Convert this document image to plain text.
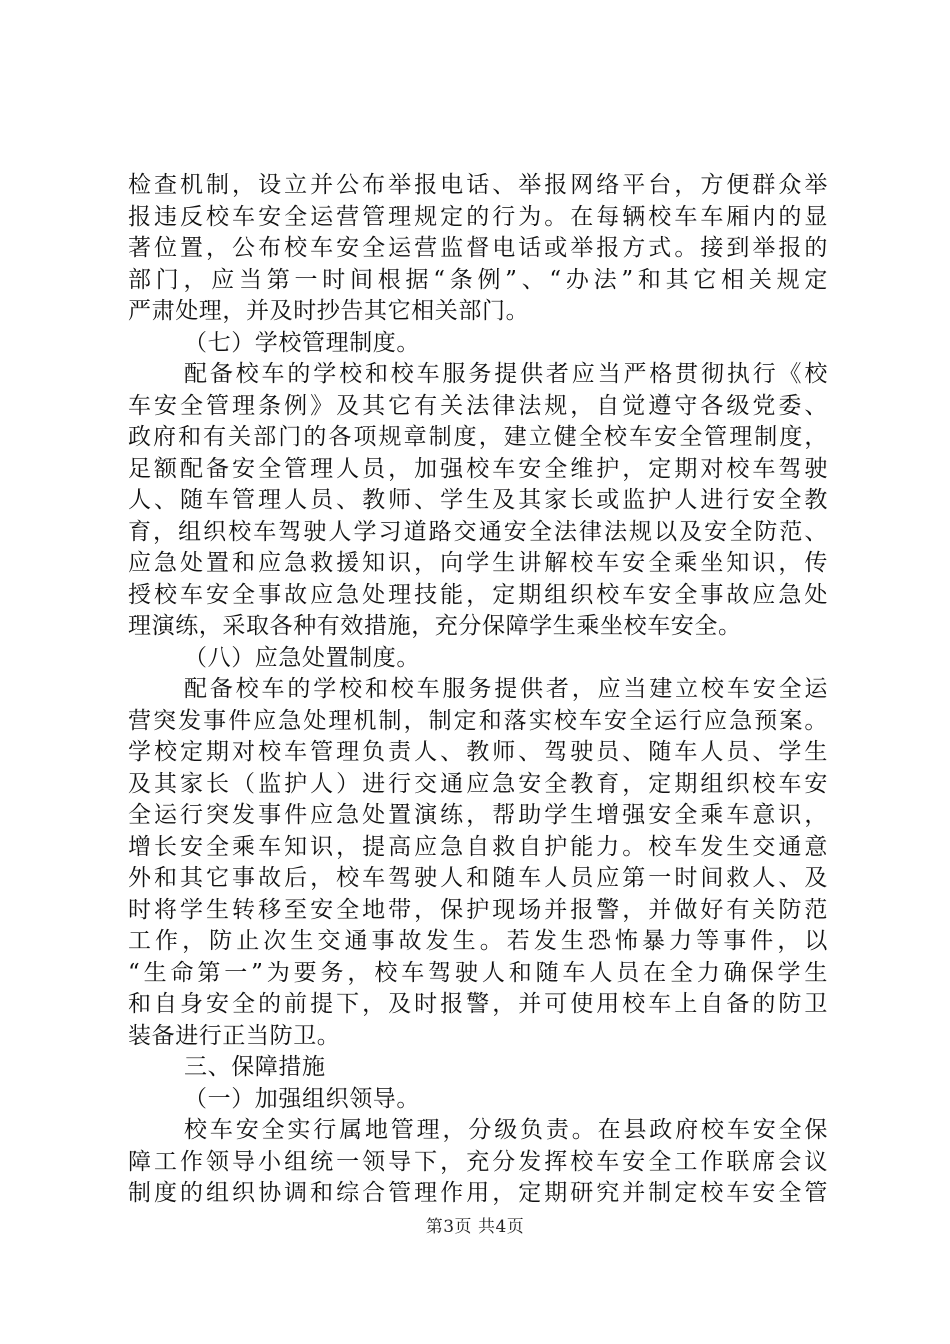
检查机制，设立并公布举报电话、举报网络平台，方便群众举
报违反校车安全运营管理规定的行为。在每辆校车车厢内的显
著位置，公布校车安全运营监督电话或举报方式。接到举报的
部门，应当第一时间根据“条例”、“办法”和其它相关规定
严肃处理，并及时抄告其它相关部门。
（七）学校管理制度。
配备校车的学校和校车服务提供者应当严格贯彻执行《校
车安全管理条例》及其它有关法律法规，自觉遵守各级党委、
政府和有关部门的各项规章制度，建立健全校车安全管理制度，
足额配备安全管理人员，加强校车安全维护，定期对校车驾驶
人、随车管理人员、教师、学生及其家长或监护人进行安全教
育，组织校车驾驶人学习道路交通安全法律法规以及安全防范、
应急处置和应急救援知识，向学生讲解校车安全乘坐知识，传
授校车安全事故应急处理技能，定期组织校车安全事故应急处
理演练，采取各种有效措施，充分保障学生乘坐校车安全。
（八）应急处置制度。
配备校车的学校和校车服务提供者，应当建立校车安全运
营突发事件应急处理机制，制定和落实校车安全运行应急预案。
学校定期对校车管理负责人、教师、驾驶员、随车人员、学生
及其家长（监护人）进行交通应急安全教育，定期组织校车安
全运行突发事件应急处置演练，帮助学生增强安全乘车意识，
增长安全乘车知识，提高应急自救自护能力。校车发生交通意
外和其它事故后，校车驾驶人和随车人员应第一时间救人、及
时将学生转移至安全地带，保护现场并报警，并做好有关防范
工作，防止次生交通事故发生。若发生恐怖暴力等事件，以
“生命第一”为要务，校车驾驶人和随车人员在全力确保学生
和自身安全的前提下，及时报警，并可使用校车上自备的防卫
装备进行正当防卫。
三、保障措施
（一）加强组织领导。
校车安全实行属地管理，分级负责。在县政府校车安全保
障工作领导小组统一领导下，充分发挥校车安全工作联席会议
制度的组织协调和综合管理作用，定期研究并制定校车安全管
第3页 共4页
